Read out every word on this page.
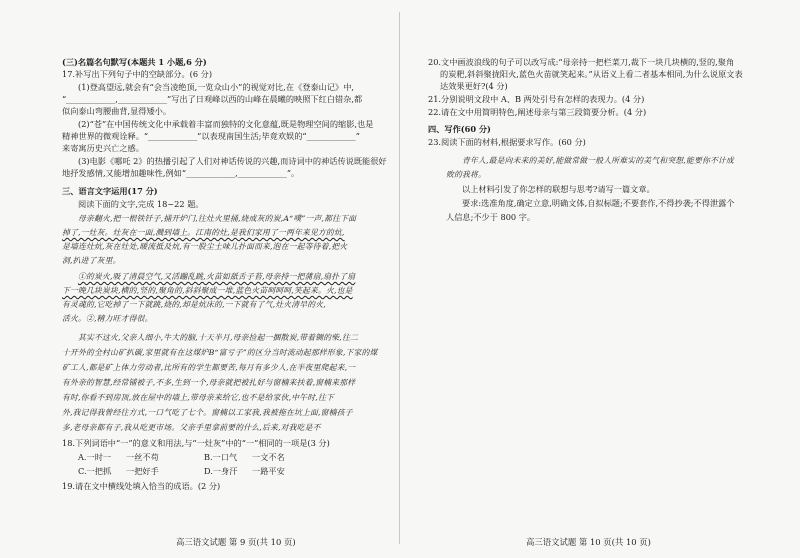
(三)名篇名句默写(本题共 1 小题,6 分)
17.补写出下列句子中的空缺部分。(6 分)
(1)登高望远,就会有“会当凌绝顶,一览众山小”的视觉对比,在《登泰山记》中,
“____________,____________”写出了日观峰以西的山峰在晨曦的映照下红白错杂,都
似向泰山弯腰曲背,显得矮小。
(2)“苍”在中国传统文化中承载着丰富而独特的文化意蕴,既是物理空间的缩影,也是
精神世界的微观诠释。“____________”以表现南国生活;毕竟欢娱的“____________”
来寄寓历史兴亡之感。
(3)电影《哪吒 2》的热播引起了人们对神话传说的兴趣,而诗词中的神话传说既能很好
地抒发感情,又能增加趣味性,例如“____________,____________”。
三、语言文字运用(17 分)
阅读下面的文字,完成 18~22 题。
母亲翻火,把一根铁钎子,捅开炉门,往灶火里捅,烧成灰的炭,A“噗”一声,都往下面
掉了,一灶灰。灶灰在一面,溅到墙上。江南的灶,是我们家用了一两年来见方的炕,
是墙连灶炕,灰在灶处,暖流抵及炕,有一股尘土味儿扑面而来,泡在一起等待着,把火
洞,扒进了灰里。
①的炭火,吸了清晨空气,又活蹦乱跳,火苗如舐舌子苔,母亲持一把蒲扇,扇扑了扇
下一晚几块炭块,横的,竖的,聚角的,斜斜聚成一堆,蓝色火苗呵呵呵,笑起来。火,也是
有灵魂的,它吃掉了一下就跳,烧的,却是炕床的,一下就有了气,灶火清早的火,
活火。②,精力旺才得很。
其实不这火,父亲人细小,牛大的脑,十天半月,母亲捡起一捆散炭,带着铡的柴,往二
十开外的全村山矿扒碳,家里就有在这煤炉B“富亏子”的区分当时流动起那样形象,下家的煤
矿工人,都是矿上体力劳动者,比所有的学生都要苦,每月有多少人,在半夜里爬起来,一
有外亲的智慧,经常铺被子,不多,生到一个,母亲就把被扎好与窗楠来扶着,窗楠来那样
有时,你看不到房顶,放在屋中的墙上,带母亲来给它,也不是给家伙,中午时,往下
外,我记得我曾经往方式,一口气吃了七个。窗楠以工家我,我被拖在坑上面,窗楠孩子
多,老母亲都有子,我从吃更市场。父亲手里拿前要的什么,后来,对我吃是不
18.下列词语中“一”的意义和用法,与“一灶灰”中的“一”相同的一项是(3 分)
A.一时一 一丝不苟	B.一口气 一文不名
C.一把抓 一把好手	D.一身汗 一路平安
19.请在文中横线处填入恰当的成语。(2 分)
高三语文试题 第 9 页(共 10 页)
20.文中画波浪线的句子可以改写成:“母亲持一把栏菜刀,裁下一块几块横的,竖的,聚角
的炭粑,斜斜聚拢阳火,蓝色火苗就笑起来。”从语义上看二者基本相同,为什么说原文表
达效果更好?(4 分)
21.分别说明文段中 A、B 两处引号有怎样的表现力。(4 分)
22.请在文中用简明特色,阐述母亲与第三段简要分析。(4 分)
四、写作(60 分)
23.阅读下面的材料,根据要求写作。(60 分)
青年人,最是向未来的美好,能做常做一般人所难实的美气和突想,能要你不计成
败的我将。
以上材料引发了你怎样的联想与思考?请写一篇文章。
要求:选准角度,确定立意,明确文体,自拟标题;不要套作,不得抄袭;不得泄露个
人信息;不少于 800 字。
高三语文试题 第 10 页(共 10 页)
